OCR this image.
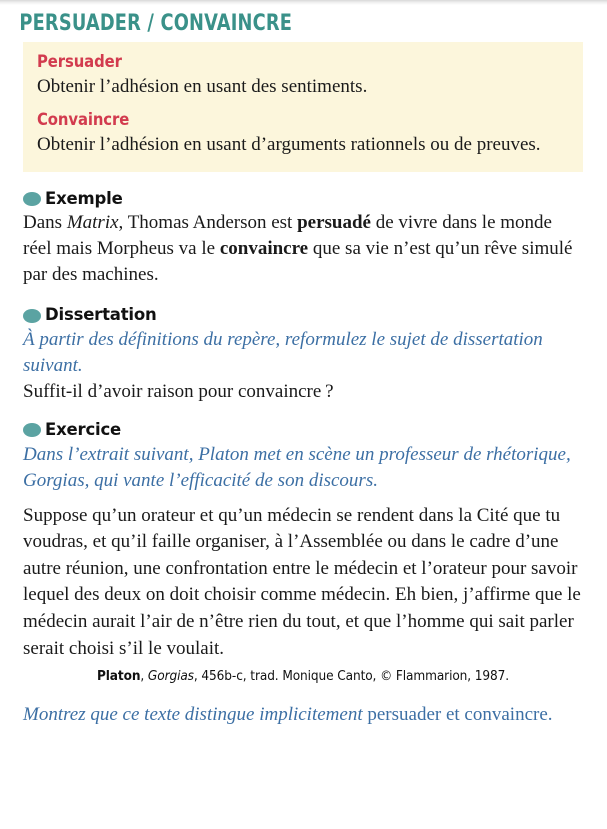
PERSUADER / CONVAINCRE
Persuader

Obtenir l’adhésion en usant des sentiments.

Convaincre

Obtenir l’adhésion en usant d’arguments rationnels ou de preuves.

Exemple

Dans Matrix, Thomas Anderson est persuadé de vivre dans le monde réel mais Morpheus va le convaincre que sa vie n’est qu’un rêve simulé par des machines.

Dissertation

À partir des définitions du repère, reformulez le sujet de dissertation suivant.

Suffit-il d’avoir raison pour convaincre ?

Exercice

Dans l’extrait suivant, Platon met en scène un professeur de rhétorique, Gorgias, qui vante l’efficacité de son discours.

Suppose qu’un orateur et qu’un médecin se rendent dans la Cité que tu voudras, et qu’il faille organiser, à l’Assemblée ou dans le cadre d’une autre réunion, une confrontation entre le médecin et l’orateur pour savoir lequel des deux on doit choisir comme médecin. Eh bien, j’affirme que le médecin aurait l’air de n’être rien du tout, et que l’homme qui sait parler serait choisi s’il le voulait.

Platon, Gorgias, 456b-c, trad. Monique Canto, © Flammarion, 1987.

Montrez que ce texte distingue implicitement persuader et convaincre.
